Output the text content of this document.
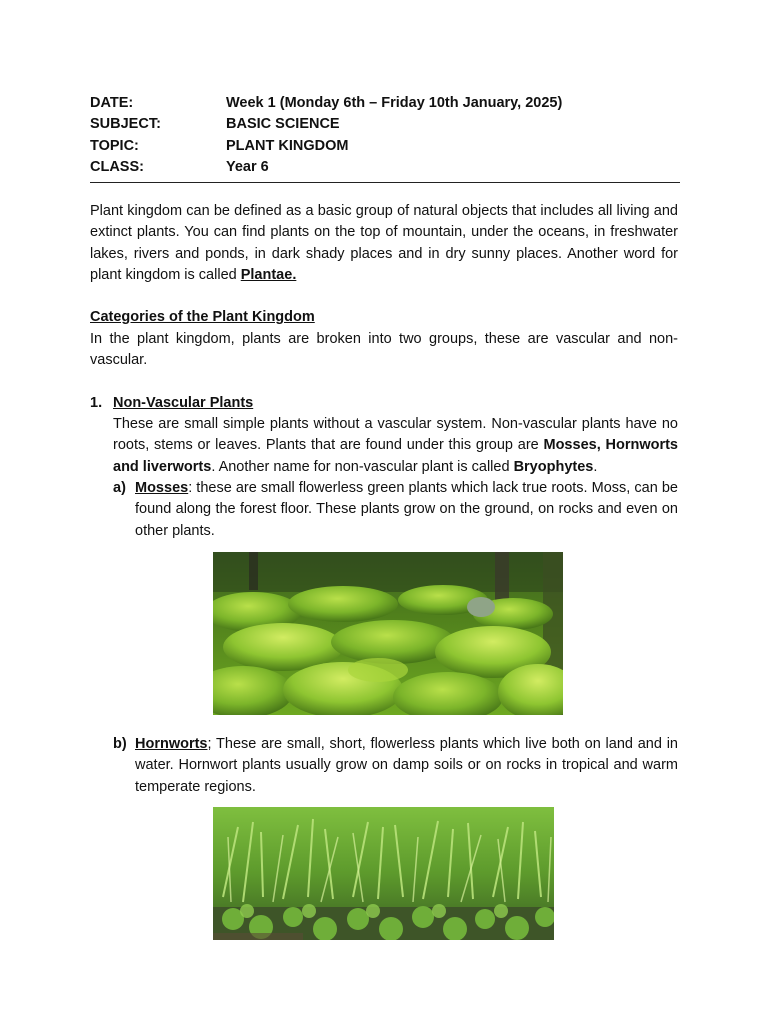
DATE:	Week 1 (Monday 6th – Friday 10th January, 2025)
SUBJECT:	BASIC SCIENCE
TOPIC:	PLANT KINGDOM
CLASS:	Year 6
Plant kingdom can be defined as a basic group of natural objects that includes all living and extinct plants. You can find plants on the top of mountain, under the oceans, in freshwater lakes, rivers and ponds, in dark shady places and in dry sunny places. Another word for plant kingdom is called Plantae.
Categories of the Plant Kingdom
In the plant kingdom, plants are broken into two groups, these are vascular and non-vascular.
1. Non-Vascular Plants
These are small simple plants without a vascular system. Non-vascular plants have no roots, stems or leaves. Plants that are found under this group are Mosses, Hornworts and liverworts. Another name for non-vascular plant is called Bryophytes.
a) Mosses: these are small flowerless green plants which lack true roots. Moss, can be found along the forest floor. These plants grow on the ground, on rocks and even on other plants.
b) Hornworts; These are small, short, flowerless plants which live both on land and in water. Hornwort plants usually grow on damp soils or on rocks in tropical and warm temperate regions.
